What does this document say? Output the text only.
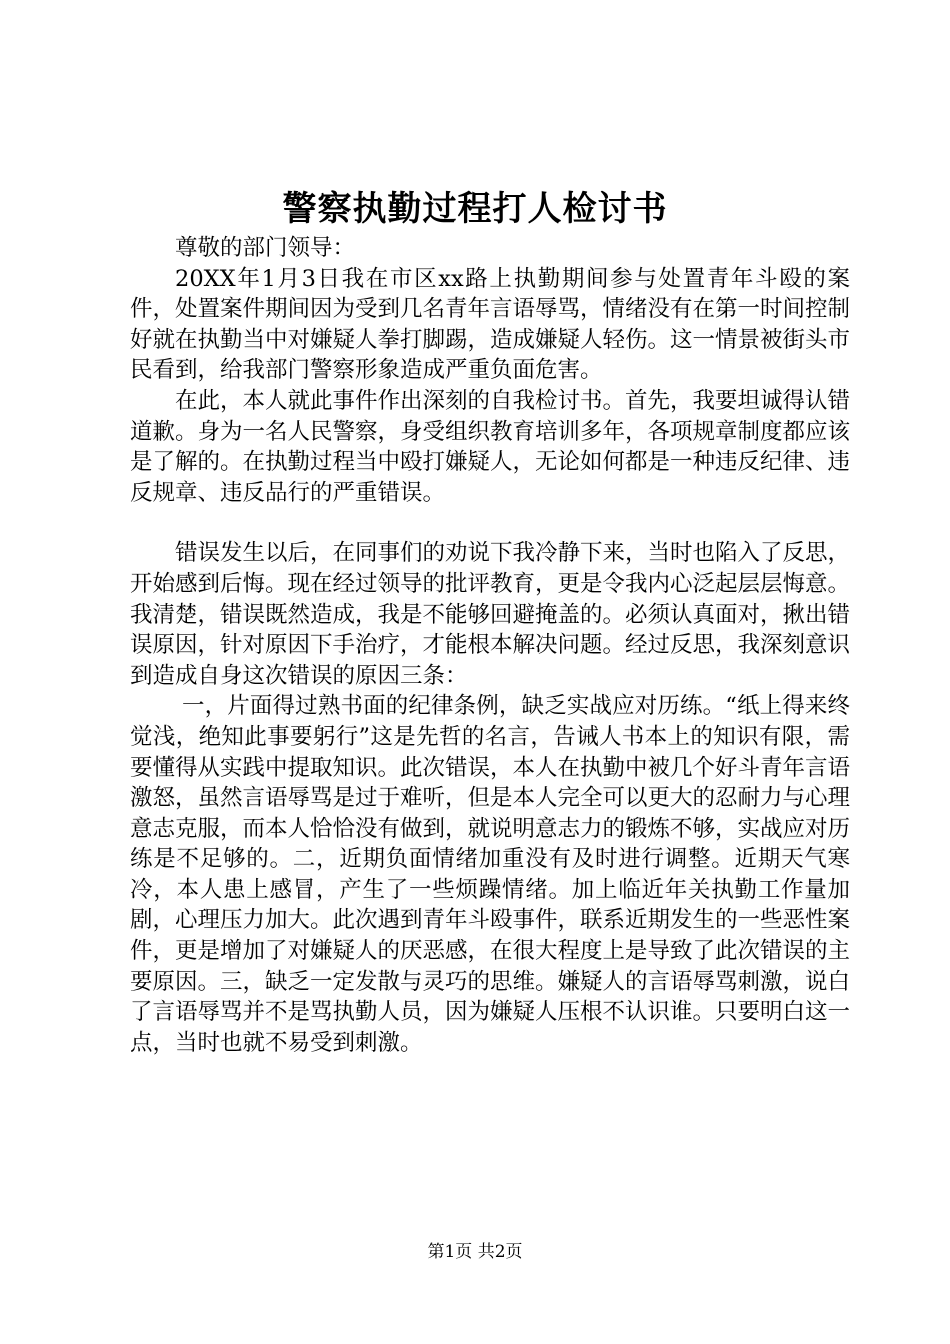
警察执勤过程打人检讨书

尊敬的部门领导：

20XX年1月3日我在市区xx路上执勤期间参与处置青年斗殴的案件，处置案件期间因为受到几名青年言语辱骂，情绪没有在第一时间控制好就在执勤当中对嫌疑人拳打脚踢，造成嫌疑人轻伤。这一情景被街头市民看到，给我部门警察形象造成严重负面危害。

在此，本人就此事件作出深刻的自我检讨书。首先，我要坦诚得认错道歉。身为一名人民警察，身受组织教育培训多年，各项规章制度都应该是了解的。在执勤过程当中殴打嫌疑人，无论如何都是一种违反纪律、违反规章、违反品行的严重错误。

错误发生以后，在同事们的劝说下我冷静下来，当时也陷入了反思，开始感到后悔。现在经过领导的批评教育，更是令我内心泛起层层悔意。我清楚，错误既然造成，我是不能够回避掩盖的。必须认真面对，揪出错误原因，针对原因下手治疗，才能根本解决问题。经过反思，我深刻意识到造成自身这次错误的原因三条：

一，片面得过熟书面的纪律条例，缺乏实战应对历练。“纸上得来终觉浅，绝知此事要躬行”这是先哲的名言，告诫人书本上的知识有限，需要懂得从实践中提取知识。此次错误，本人在执勤中被几个好斗青年言语激怒，虽然言语辱骂是过于难听，但是本人完全可以更大的忍耐力与心理意志克服，而本人恰恰没有做到，就说明意志力的锻炼不够，实战应对历练是不足够的。二，近期负面情绪加重没有及时进行调整。近期天气寒冷，本人患上感冒，产生了一些烦躁情绪。加上临近年关执勤工作量加剧，心理压力加大。此次遇到青年斗殴事件，联系近期发生的一些恶性案件，更是增加了对嫌疑人的厌恶感，在很大程度上是导致了此次错误的主要原因。三，缺乏一定发散与灵巧的思维。嫌疑人的言语辱骂刺激，说白了言语辱骂并不是骂执勤人员，因为嫌疑人压根不认识谁。只要明白这一点，当时也就不易受到刺激。

第1页 共2页
